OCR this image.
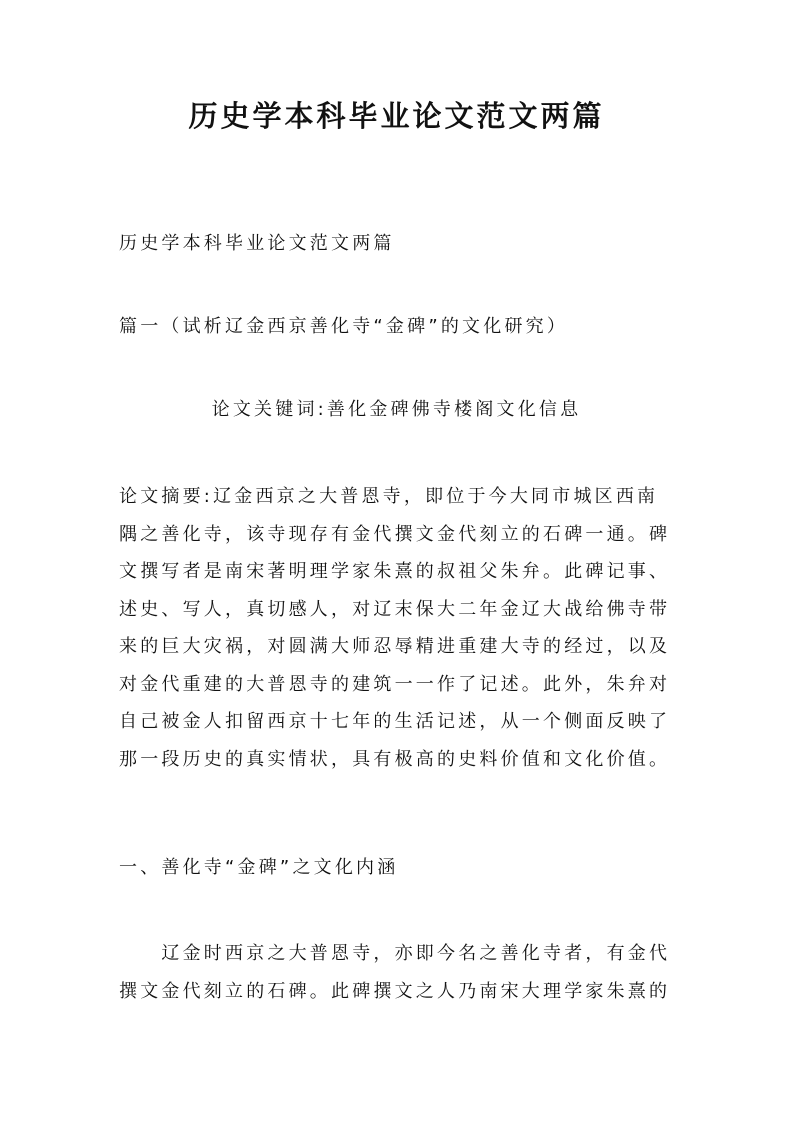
历史学本科毕业论文范文两篇

历史学本科毕业论文范文两篇

篇一（试析辽金西京善化寺“金碑”的文化研究）

论文关键词:善化金碑佛寺楼阁文化信息

论文摘要:辽金西京之大普恩寺，即位于今大同市城区西南
隅之善化寺，该寺现存有金代撰文金代刻立的石碑一通。碑
文撰写者是南宋著明理学家朱熹的叔祖父朱弁。此碑记事、
述史、写人，真切感人，对辽末保大二年金辽大战给佛寺带
来的巨大灾祸，对圆满大师忍辱精进重建大寺的经过，以及
对金代重建的大普恩寺的建筑一一作了记述。此外，朱弁对
自己被金人扣留西京十七年的生活记述，从一个侧面反映了
那一段历史的真实情状，具有极高的史料价值和文化价值。

一、善化寺“金碑”之文化内涵

　　辽金时西京之大普恩寺，亦即今名之善化寺者，有金代
撰文金代刻立的石碑。此碑撰文之人乃南宋大理学家朱熹的
